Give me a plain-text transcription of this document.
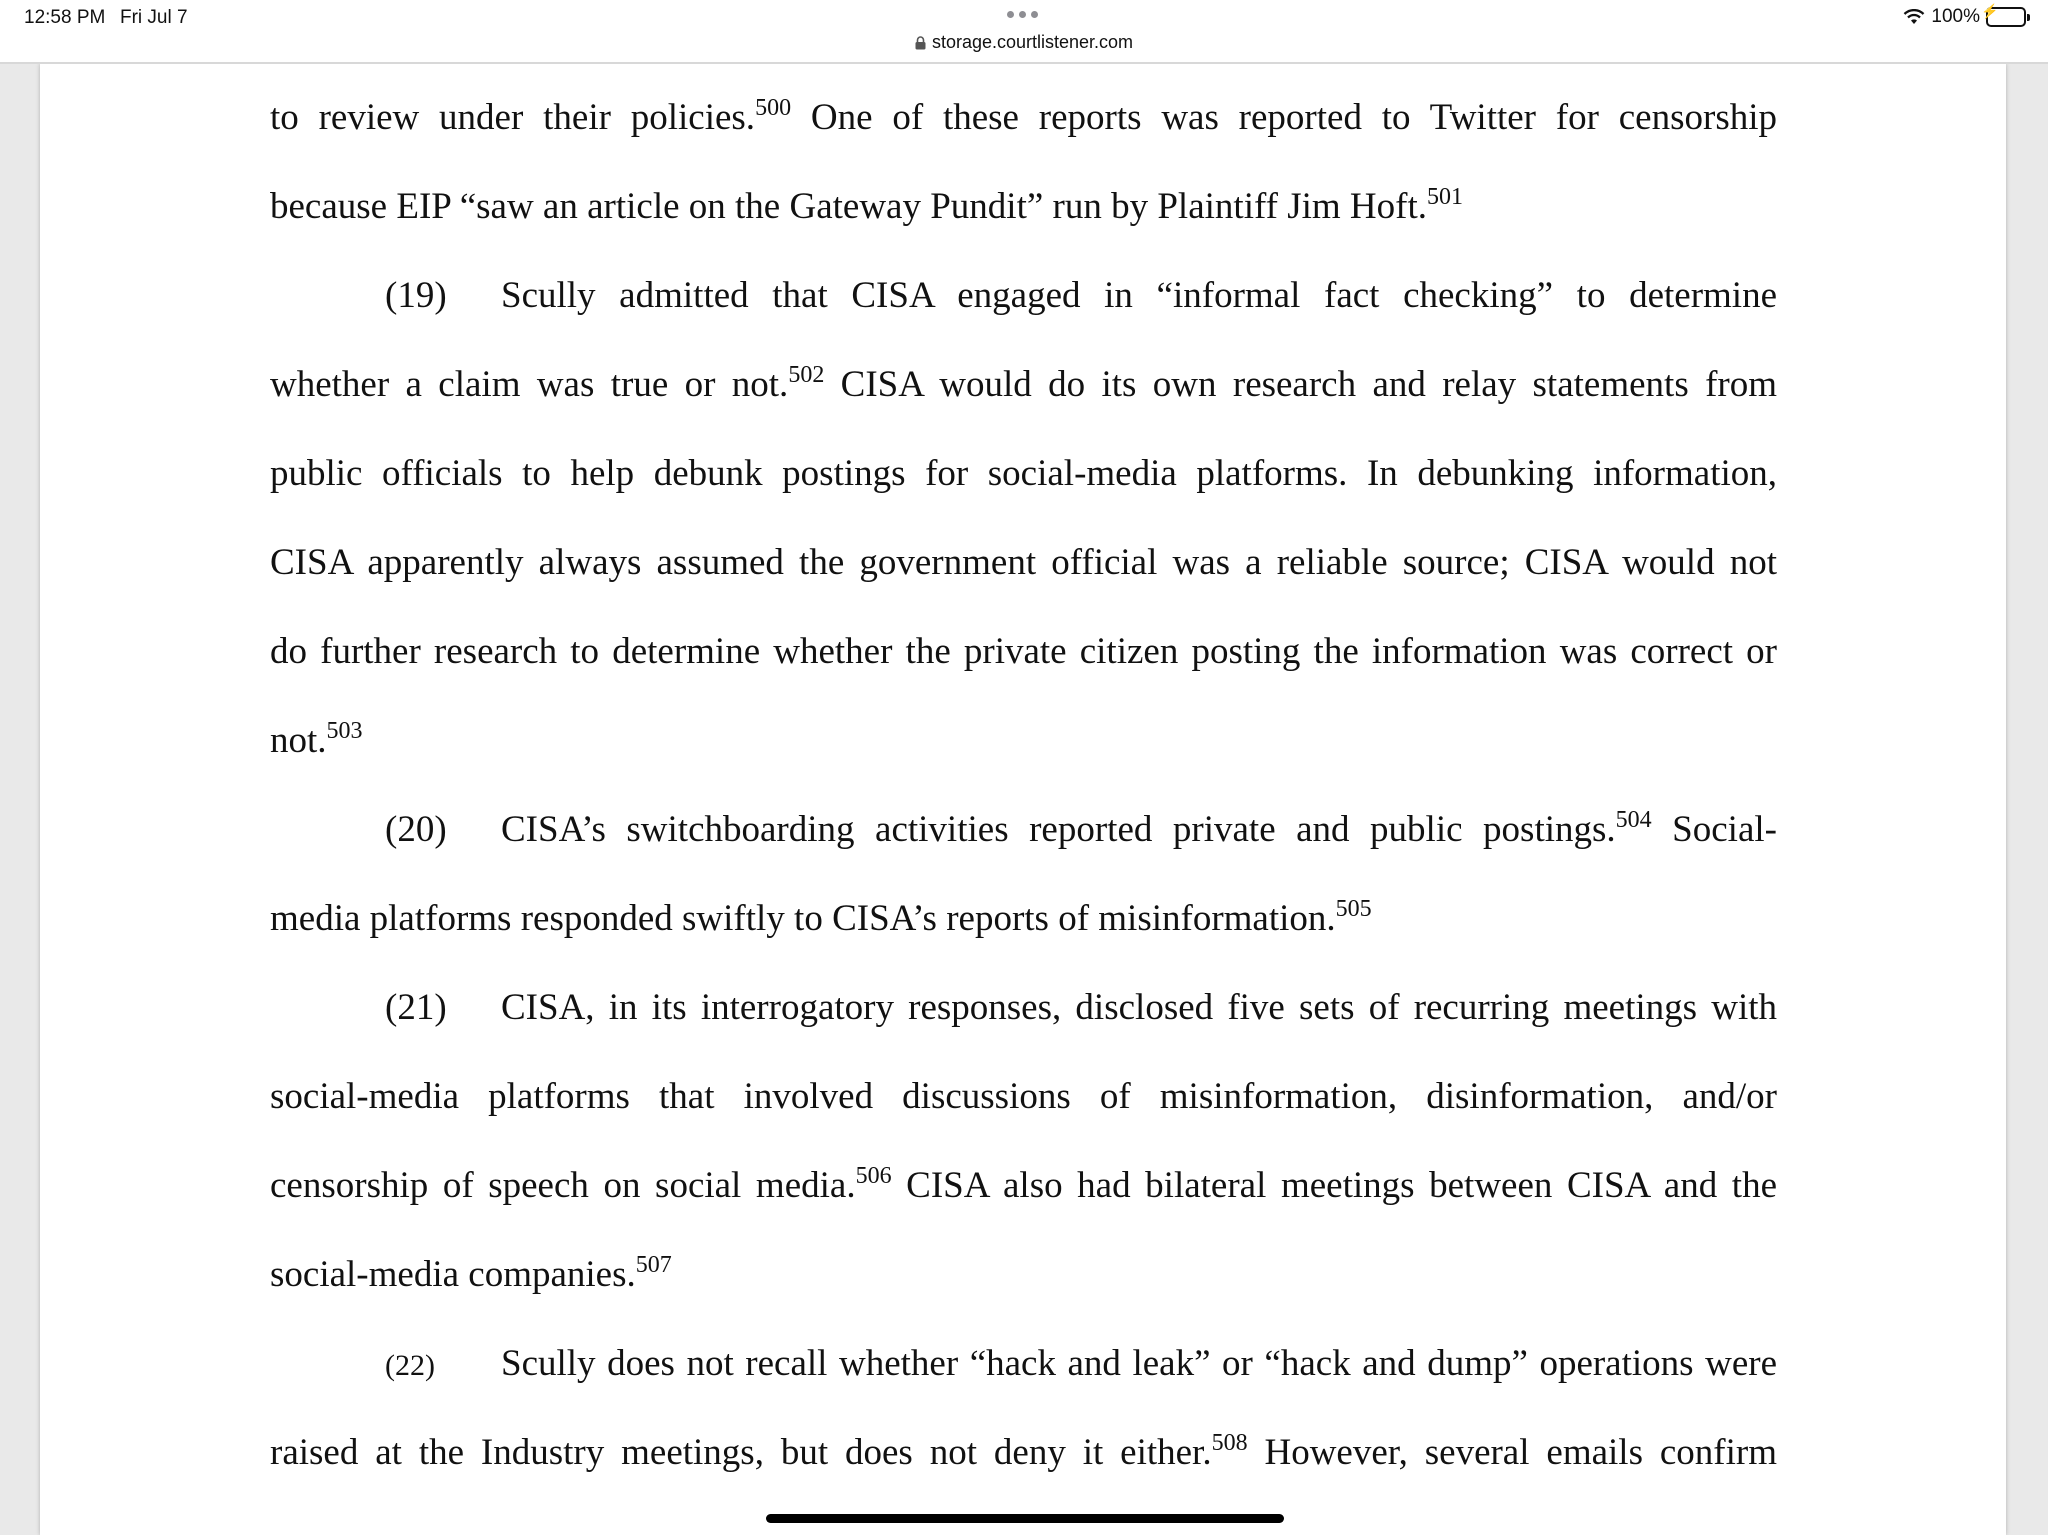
12:58 PM Fri Jul 7
storage.courtlistener.com
100% ⚡
to review under their policies.$^{500}$ One of these reports was reported to Twitter for censorship
because EIP “saw an article on the Gateway Pundit” run by Plaintiff Jim Hoft.$^{501}$
(19) Scully admitted that CISA engaged in “informal fact checking” to determine
whether a claim was true or not.$^{502}$ CISA would do its own research and relay statements from
public officials to help debunk postings for social-media platforms. In debunking information,
CISA apparently always assumed the government official was a reliable source; CISA would not
do further research to determine whether the private citizen posting the information was correct or
not.$^{503}$
(20) CISA’s switchboarding activities reported private and public postings.$^{504}$ Social-
media platforms responded swiftly to CISA’s reports of misinformation.$^{505}$
(21) CISA, in its interrogatory responses, disclosed five sets of recurring meetings with
social-media platforms that involved discussions of misinformation, disinformation, and/or
censorship of speech on social media.$^{506}$ CISA also had bilateral meetings between CISA and the
social-media companies.$^{507}$
(22) Scully does not recall whether “hack and leak” or “hack and dump” operations were
raised at the Industry meetings, but does not deny it either.$^{508}$ However, several emails confirm
